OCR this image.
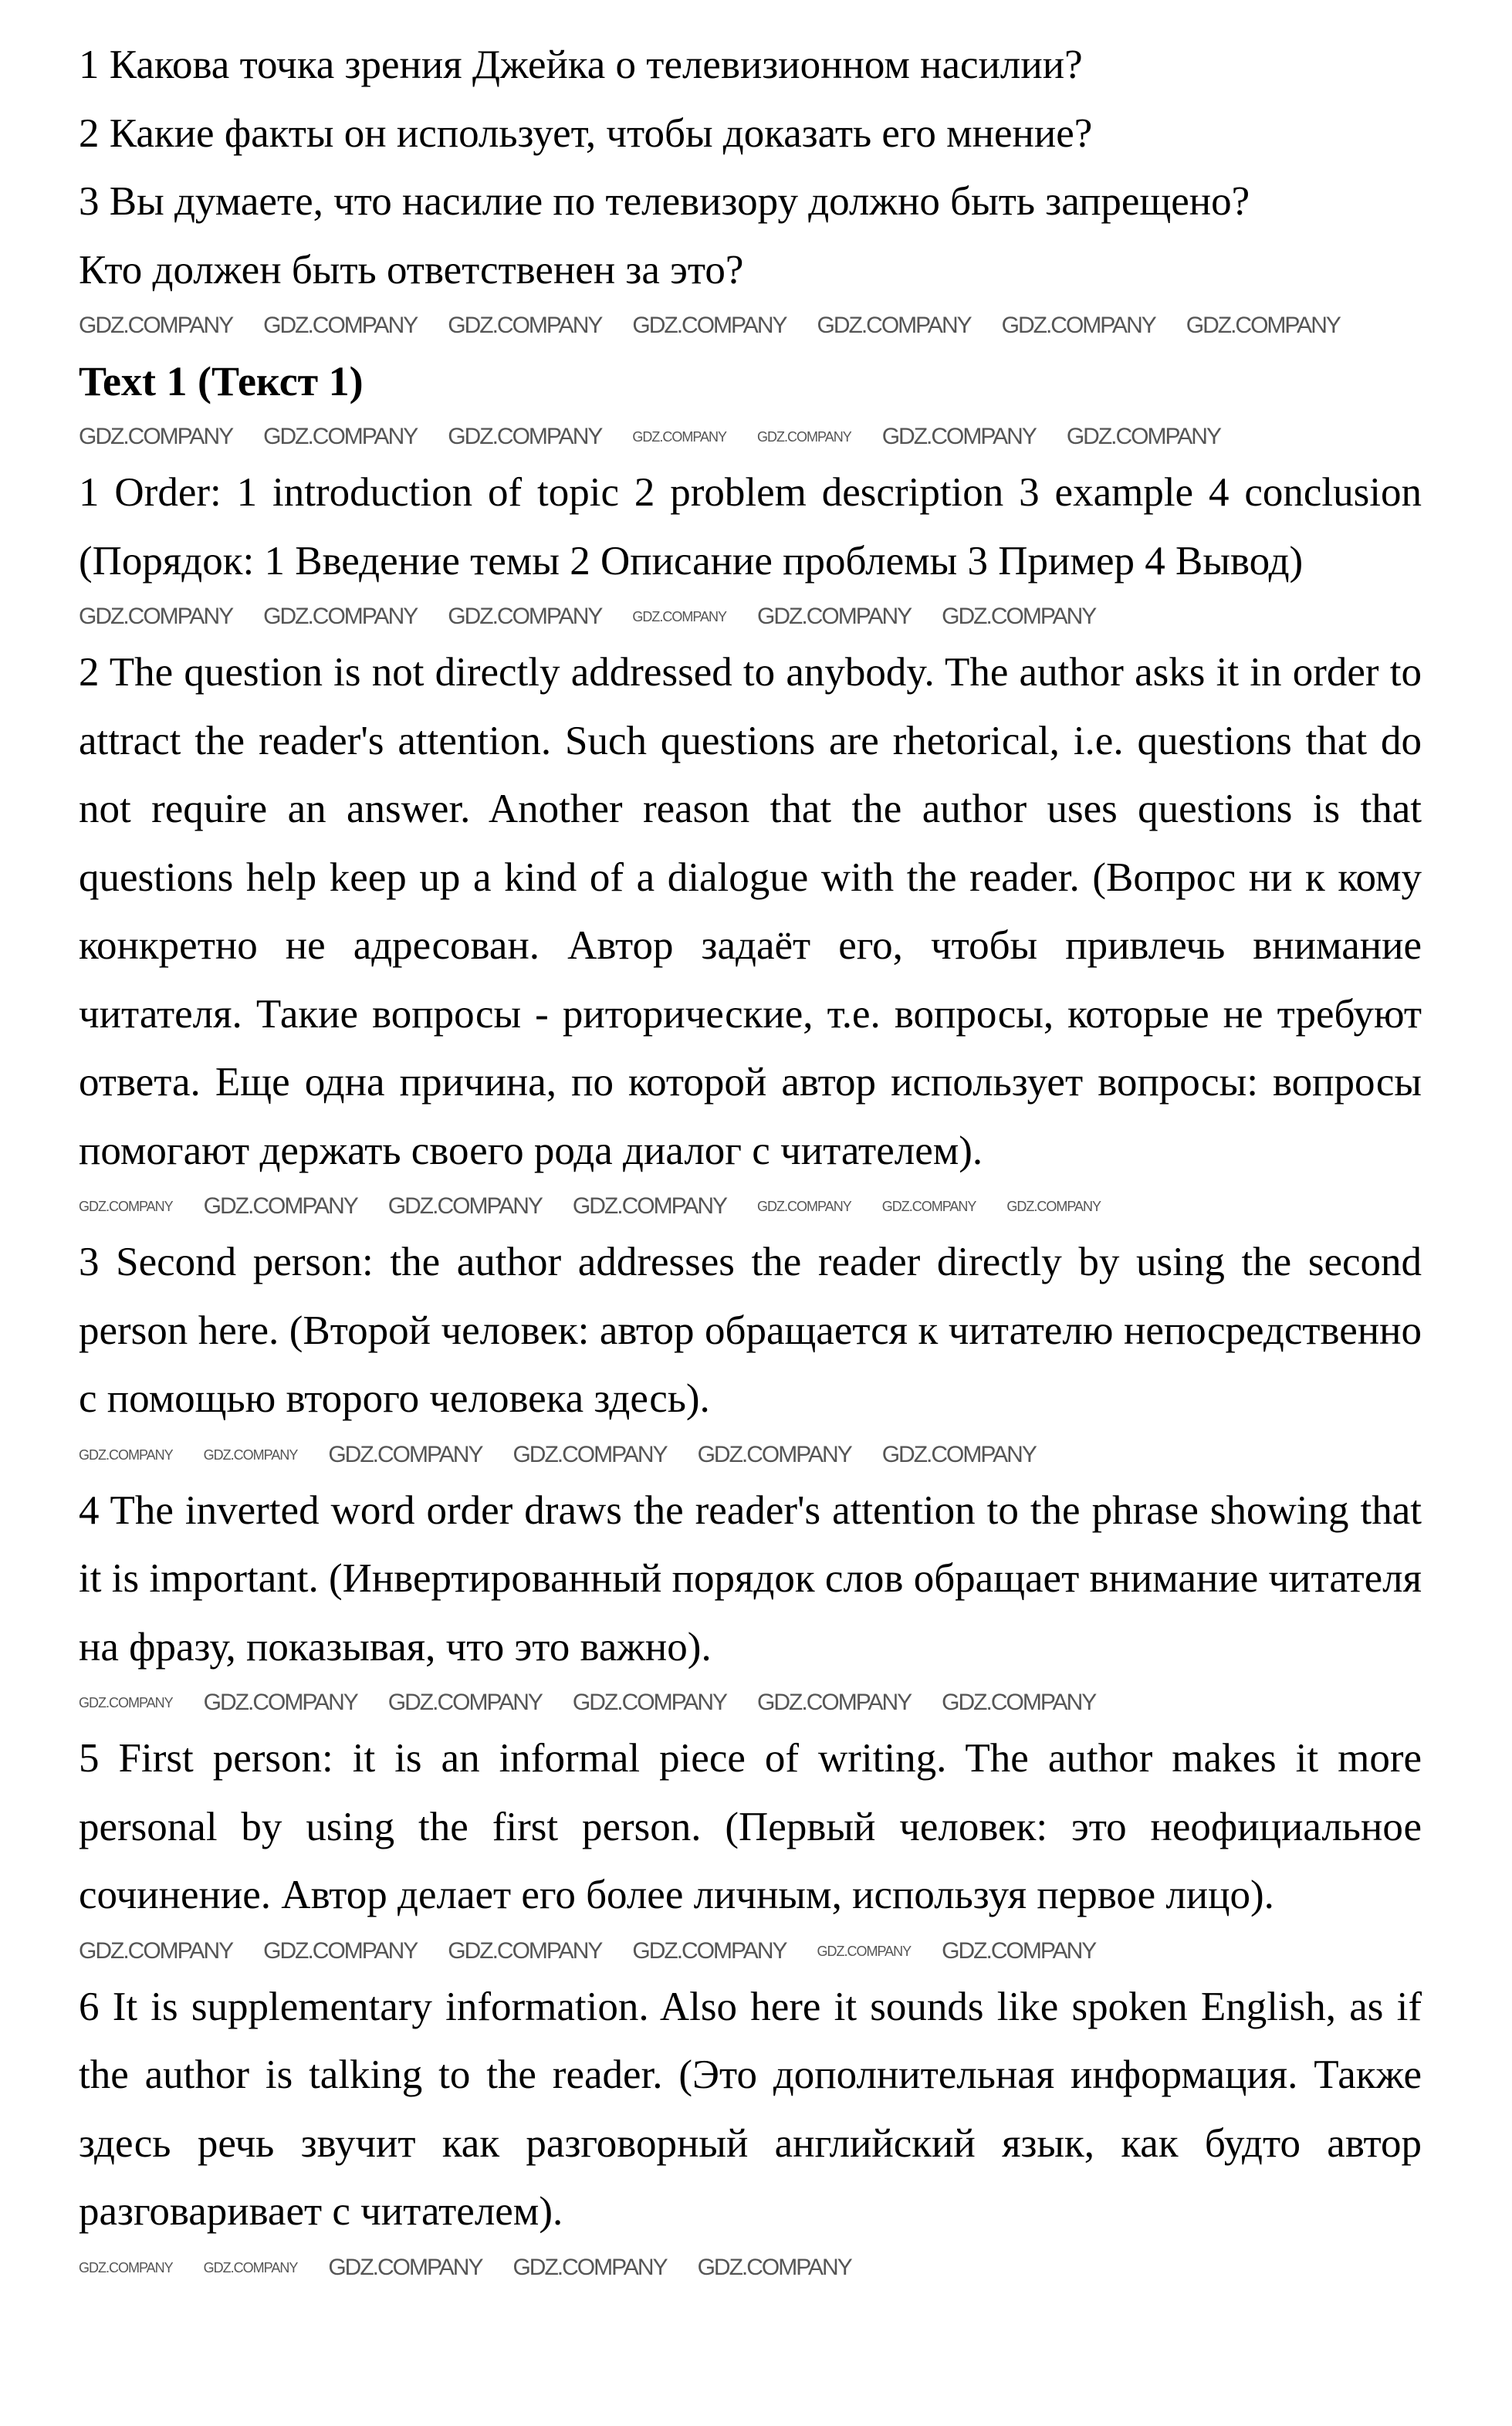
1 Какова точка зрения Джейка о телевизионном насилии?
2 Какие факты он использует, чтобы доказать его мнение?
3 Вы думаете, что насилие по телевизору должно быть запрещено?
Кто должен быть ответственен за это?
GDZ.COMPANY GDZ.COMPANY GDZ.COMPANY GDZ.COMPANY GDZ.COMPANY GDZ.COMPANY GDZ.COMPANY
Text 1 (Текст 1)
GDZ.COMPANY GDZ.COMPANY GDZ.COMPANY GDZ.COMPANY GDZ.COMPANY GDZ.COMPANY GDZ.COMPANY

1 Order: 1 introduction of topic 2 problem description 3 example 4 conclusion (Порядок: 1 Введение темы 2 Описание проблемы 3 Пример 4 Вывод)

GDZ.COMPANY GDZ.COMPANY GDZ.COMPANY GDZ.COMPANY GDZ.COMPANY GDZ.COMPANY

2 The question is not directly addressed to anybody. The author asks it in order to attract the reader's attention. Such questions are rhetorical, i.e. questions that do not require an answer. Another reason that the author uses questions is that questions help keep up a kind of a dialogue with the reader. (Вопрос ни к кому конкретно не адресован. Автор задаёт его, чтобы привлечь внимание читателя. Такие вопросы - риторические, т.е. вопросы, которые не требуют ответа. Еще одна причина, по которой автор использует вопросы: вопросы помогают держать своего рода диалог с читателем).

GDZ.COMPANY GDZ.COMPANY GDZ.COMPANY GDZ.COMPANY GDZ.COMPANY GDZ.COMPANY GDZ.COMPANY

3 Second person: the author addresses the reader directly by using the second person here. (Второй человек: автор обращается к читателю непосредственно с помощью второго человека здесь).

GDZ.COMPANY GDZ.COMPANY GDZ.COMPANY GDZ.COMPANY GDZ.COMPANY GDZ.COMPANY

4 The inverted word order draws the reader's attention to the phrase showing that it is important. (Инвертированный порядок слов обращает внимание читателя на фразу, показывая, что это важно).

GDZ.COMPANY GDZ.COMPANY GDZ.COMPANY GDZ.COMPANY GDZ.COMPANY GDZ.COMPANY

5 First person: it is an informal piece of writing. The author makes it more personal by using the first person. (Первый человек: это неофициальное сочинение. Автор делает его более личным, используя первое лицо).

GDZ.COMPANY GDZ.COMPANY GDZ.COMPANY GDZ.COMPANY GDZ.COMPANY GDZ.COMPANY

6 It is supplementary information. Also here it sounds like spoken English, as if the author is talking to the reader. (Это дополнительная информация. Также здесь речь звучит как разговорный английский язык, как будто автор разговаривает с читателем).

GDZ.COMPANY GDZ.COMPANY GDZ.COMPANY GDZ.COMPANY GDZ.COMPANY
